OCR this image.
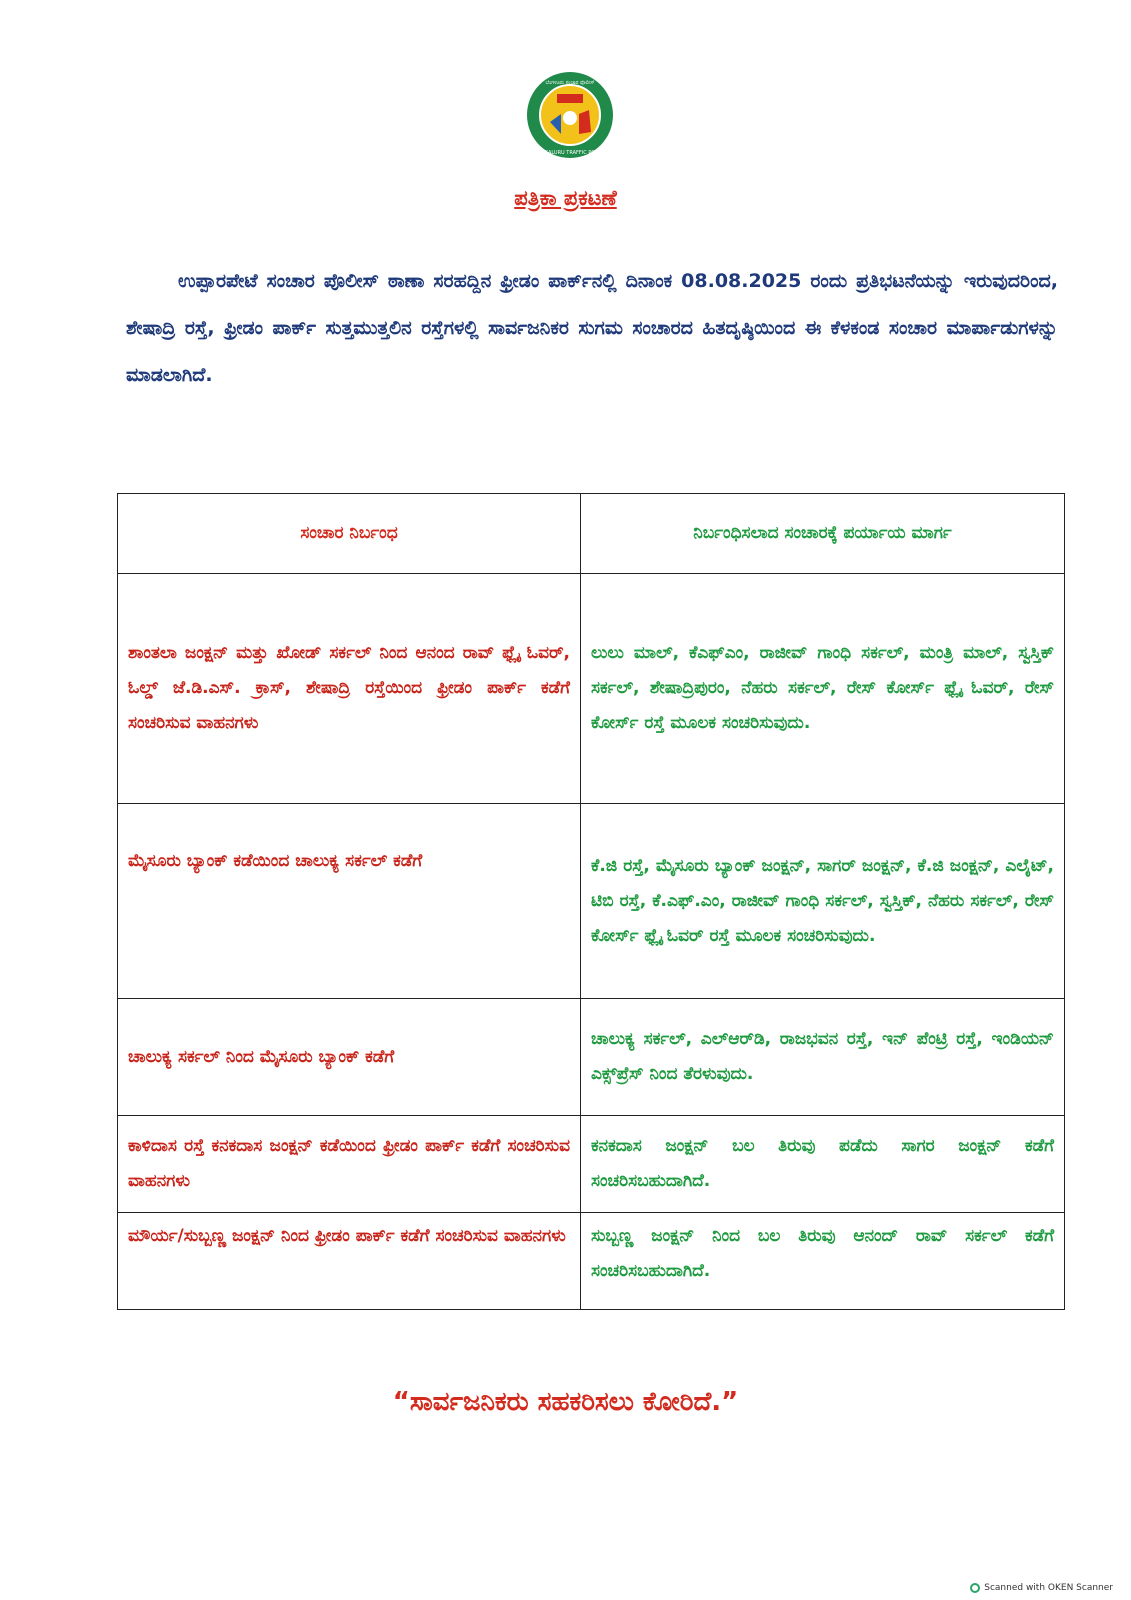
ಬೆಂಗಳೂರು ಸಂಚಾರ ಪೊಲೀಸ್
BENGALURU TRAFFIC POLICE
ಪತ್ರಿಕಾ ಪ್ರಕಟಣೆ

ಉಪ್ಪಾರಪೇಟೆ ಸಂಚಾರ ಪೊಲೀಸ್ ಠಾಣಾ ಸರಹದ್ದಿನ ಫ್ರೀಡಂ ಪಾರ್ಕ್‌ನಲ್ಲಿ ದಿನಾಂಕ 08.08.2025 ರಂದು ಪ್ರತಿಭಟನೆಯನ್ನು ಇರುವುದರಿಂದ, ಶೇಷಾದ್ರಿ ರಸ್ತೆ, ಫ್ರೀಡಂ ಪಾರ್ಕ್ ಸುತ್ತಮುತ್ತಲಿನ ರಸ್ತೆಗಳಲ್ಲಿ ಸಾರ್ವಜನಿಕರ ಸುಗಮ ಸಂಚಾರದ ಹಿತದೃಷ್ಠಿಯಿಂದ ಈ ಕೆಳಕಂಡ ಸಂಚಾರ ಮಾರ್ಪಾಡುಗಳನ್ನು ಮಾಡಲಾಗಿದೆ.

ಸಂಚಾರ ನಿರ್ಬಂಧ	ನಿರ್ಬಂಧಿಸಲಾದ ಸಂಚಾರಕ್ಕೆ ಪರ್ಯಾಯ ಮಾರ್ಗ
ಶಾಂತಲಾ ಜಂಕ್ಷನ್ ಮತ್ತು ಖೋಡ್ ಸರ್ಕಲ್ ನಿಂದ ಆನಂದ ರಾವ್ ಫ್ಲೈ ಓವರ್, ಓಲ್ಡ್ ಜೆ.ಡಿ.ಎಸ್. ಕ್ರಾಸ್, ಶೇಷಾದ್ರಿ ರಸ್ತೆಯಿಂದ ಫ್ರೀಡಂ ಪಾರ್ಕ್ ಕಡೆಗೆ ಸಂಚರಿಸುವ ವಾಹನಗಳು	ಲುಲು ಮಾಲ್, ಕೆಎಫ್ಎಂ, ರಾಜೀವ್ ಗಾಂಧಿ ಸರ್ಕಲ್, ಮಂತ್ರಿ ಮಾಲ್, ಸ್ವಸ್ತಿಕ್ ಸರ್ಕಲ್, ಶೇಷಾದ್ರಿಪುರಂ, ನೆಹರು ಸರ್ಕಲ್, ರೇಸ್ ಕೋರ್ಸ್ ಫ್ಲೈ ಓವರ್, ರೇಸ್ ಕೋರ್ಸ್ ರಸ್ತೆ ಮೂಲಕ ಸಂಚರಿಸುವುದು.
ಮೈಸೂರು ಬ್ಯಾಂಕ್ ಕಡೆಯಿಂದ ಚಾಲುಕ್ಯ ಸರ್ಕಲ್ ಕಡೆಗೆ	ಕೆ.ಜಿ ರಸ್ತೆ, ಮೈಸೂರು ಬ್ಯಾಂಕ್ ಜಂಕ್ಷನ್, ಸಾಗರ್ ಜಂಕ್ಷನ್, ಕೆ.ಜಿ ಜಂಕ್ಷನ್, ಎಲೈಟ್, ಟಿಬಿ ರಸ್ತೆ, ಕೆ.ಎಫ್.ಎಂ, ರಾಜೀವ್ ಗಾಂಧಿ ಸರ್ಕಲ್, ಸ್ವಸ್ತಿಕ್, ನೆಹರು ಸರ್ಕಲ್, ರೇಸ್ ಕೋರ್ಸ್ ಫ್ಲೈ ಓವರ್ ರಸ್ತೆ ಮೂಲಕ ಸಂಚರಿಸುವುದು.
ಚಾಲುಕ್ಯ ಸರ್ಕಲ್ ನಿಂದ ಮೈಸೂರು ಬ್ಯಾಂಕ್ ಕಡೆಗೆ	ಚಾಲುಕ್ಯ ಸರ್ಕಲ್, ಎಲ್ಆರ್‌ಡಿ, ರಾಜಭವನ ರಸ್ತೆ, ಇನ್ ಪೆಂಟ್ರಿ ರಸ್ತೆ, ಇಂಡಿಯನ್ ಎಕ್ಸ್‌ಪ್ರೆಸ್ ನಿಂದ ತೆರಳುವುದು.
ಕಾಳಿದಾಸ ರಸ್ತೆ ಕನಕದಾಸ ಜಂಕ್ಷನ್ ಕಡೆಯಿಂದ ಫ್ರೀಡಂ ಪಾರ್ಕ್ ಕಡೆಗೆ ಸಂಚರಿಸುವ ವಾಹನಗಳು	ಕನಕದಾಸ ಜಂಕ್ಷನ್ ಬಲ ತಿರುವು ಪಡೆದು ಸಾಗರ ಜಂಕ್ಷನ್ ಕಡೆಗೆ ಸಂಚರಿಸಬಹುದಾಗಿದೆ.
ಮೌರ್ಯ/ಸುಬ್ಬಣ್ಣ ಜಂಕ್ಷನ್ ನಿಂದ ಫ್ರೀಡಂ ಪಾರ್ಕ್ ಕಡೆಗೆ ಸಂಚರಿಸುವ ವಾಹನಗಳು	ಸುಬ್ಬಣ್ಣ ಜಂಕ್ಷನ್ ನಿಂದ ಬಲ ತಿರುವು ಆನಂದ್ ರಾವ್ ಸರ್ಕಲ್ ಕಡೆಗೆ ಸಂಚರಿಸಬಹುದಾಗಿದೆ.
“ಸಾರ್ವಜನಿಕರು ಸಹಕರಿಸಲು ಕೋರಿದೆ.”
Scanned with OKEN Scanner
